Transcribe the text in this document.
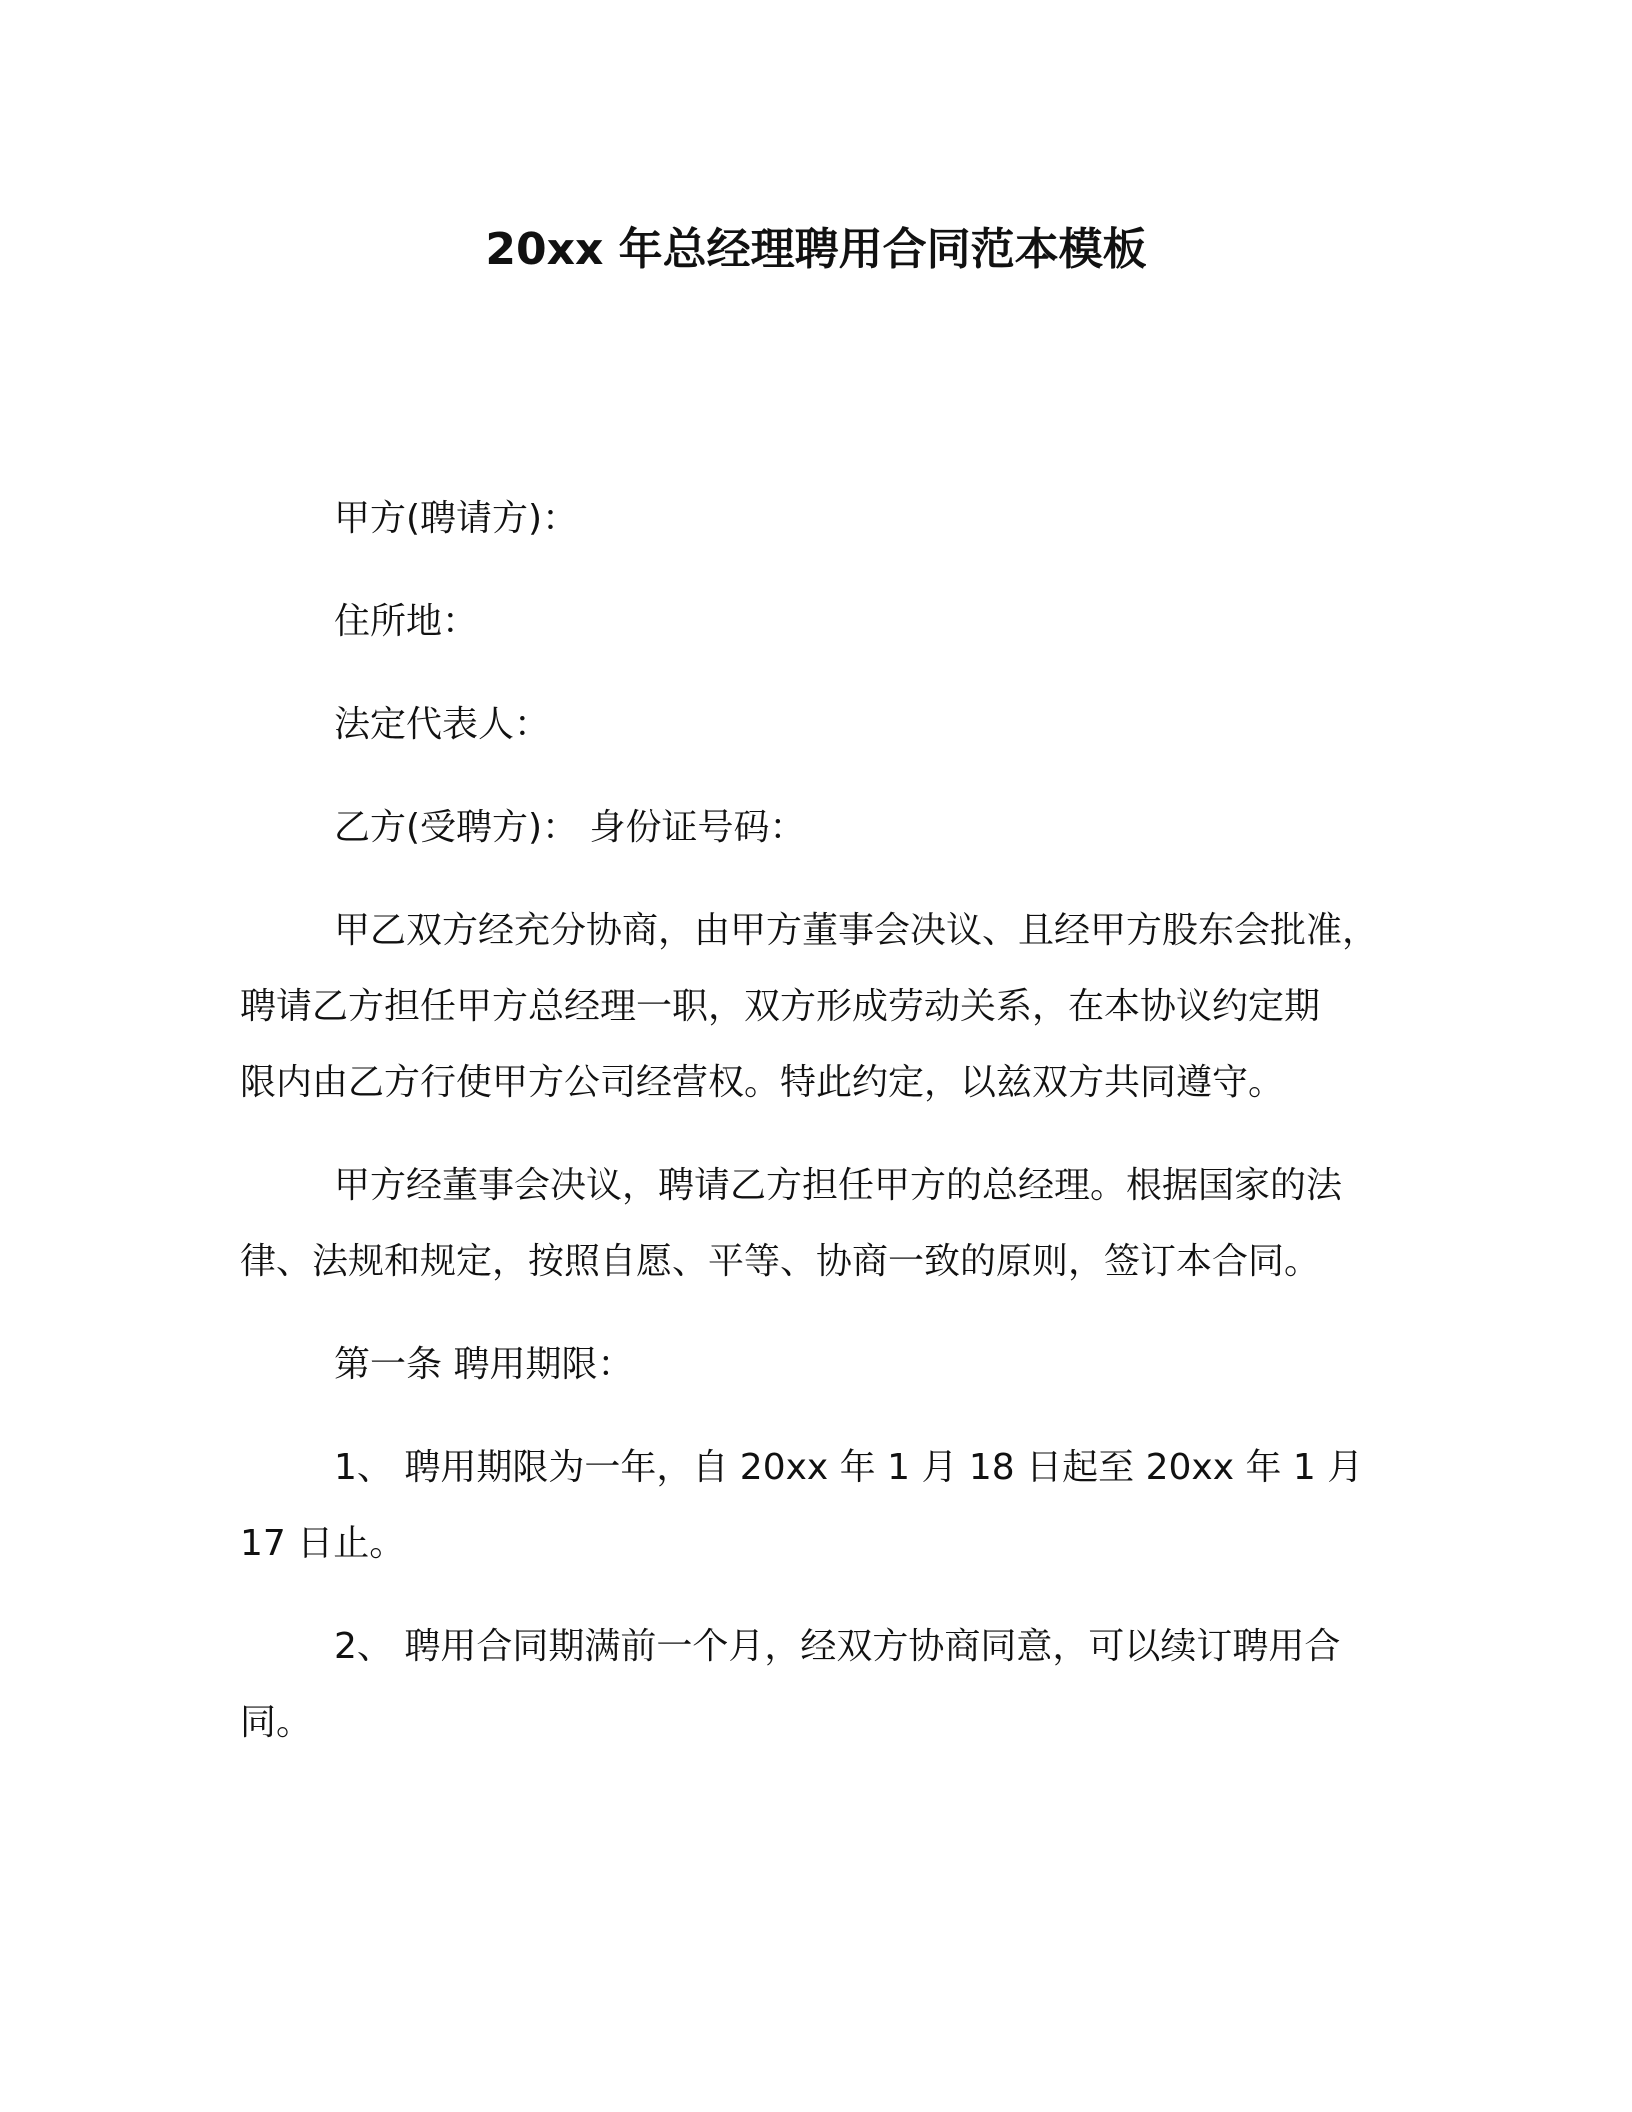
20xx 年总经理聘用合同范本模板
甲方(聘请方)：
住所地：
法定代表人：
乙方(受聘方)： 身份证号码：
甲乙双方经充分协商，由甲方董事会决议、且经甲方股东会批准，
聘请乙方担任甲方总经理一职，双方形成劳动关系，在本协议约定期
限内由乙方行使甲方公司经营权。特此约定，以兹双方共同遵守。
甲方经董事会决议，聘请乙方担任甲方的总经理。根据国家的法
律、法规和规定，按照自愿、平等、协商一致的原则，签订本合同。
第一条 聘用期限：
1、 聘用期限为一年，自 20xx 年 1 月 18 日起至 20xx 年 1 月
17 日止。
2、 聘用合同期满前一个月，经双方协商同意，可以续订聘用合
同。
